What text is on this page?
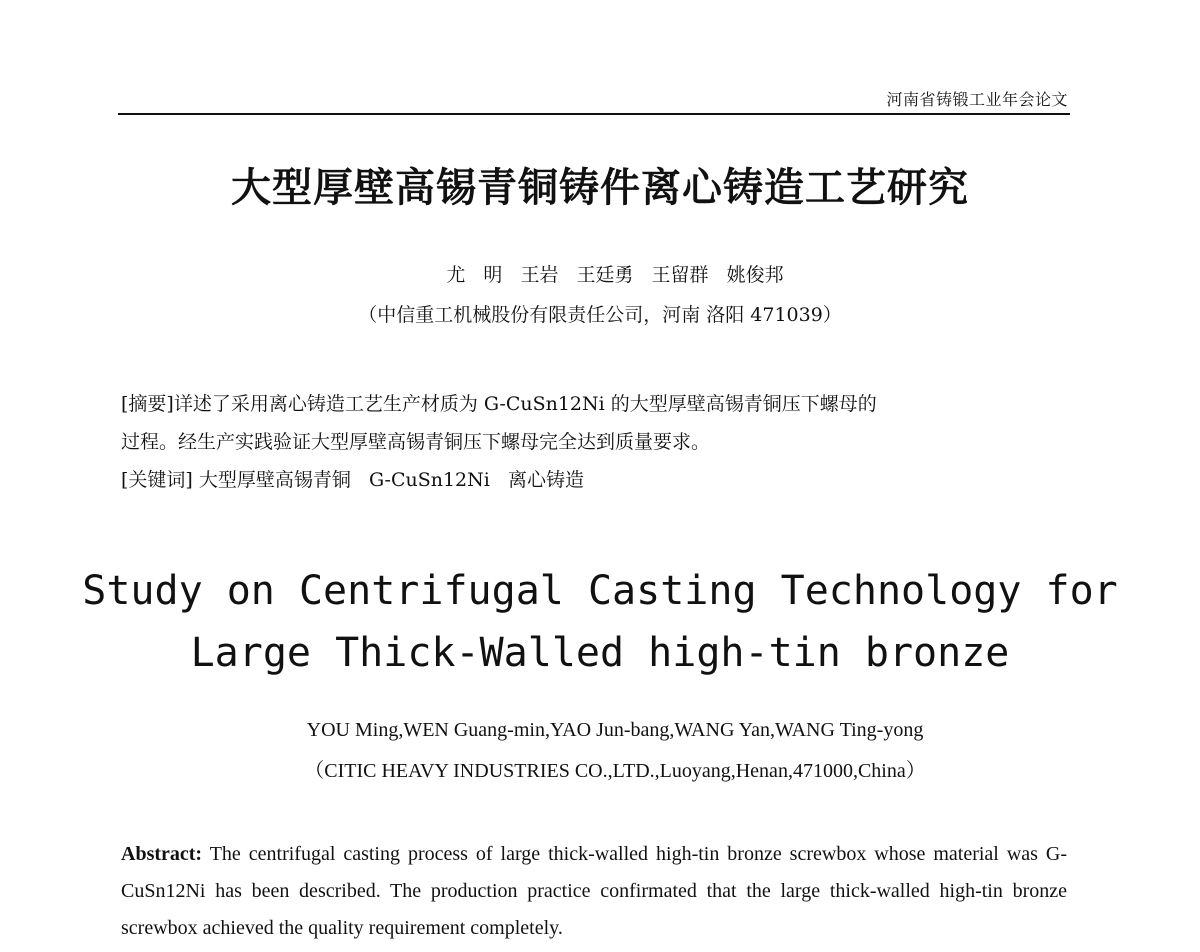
河南省铸锻工业年会论文
大型厚壁高锡青铜铸件离心铸造工艺研究
尤 明 王岩 王廷勇 王留群 姚俊邦
（中信重工机械股份有限责任公司，河南 洛阳 471039）

[摘要]详述了采用离心铸造工艺生产材质为 G-CuSn12Ni 的大型厚壁高锡青铜压下螺母的

过程。经生产实践验证大型厚壁高锡青铜压下螺母完全达到质量要求。

[关键词] 大型厚壁高锡青铜   G-CuSn12Ni   离心铸造

Study on Centrifugal Casting Technology for
Large Thick-Walled high-tin bronze
YOU Ming,WEN Guang-min,YAO Jun-bang,WANG Yan,WANG Ting-yong
（CITIC HEAVY INDUSTRIES CO.,LTD.,Luoyang,Henan,471000,China）
Abstract: The centrifugal casting process of large thick-walled high-tin bronze screwbox whose material was G-CuSn12Ni has been described. The production practice confirmated that the large thick-walled high-tin bronze screwbox achieved the quality requirement completely.
